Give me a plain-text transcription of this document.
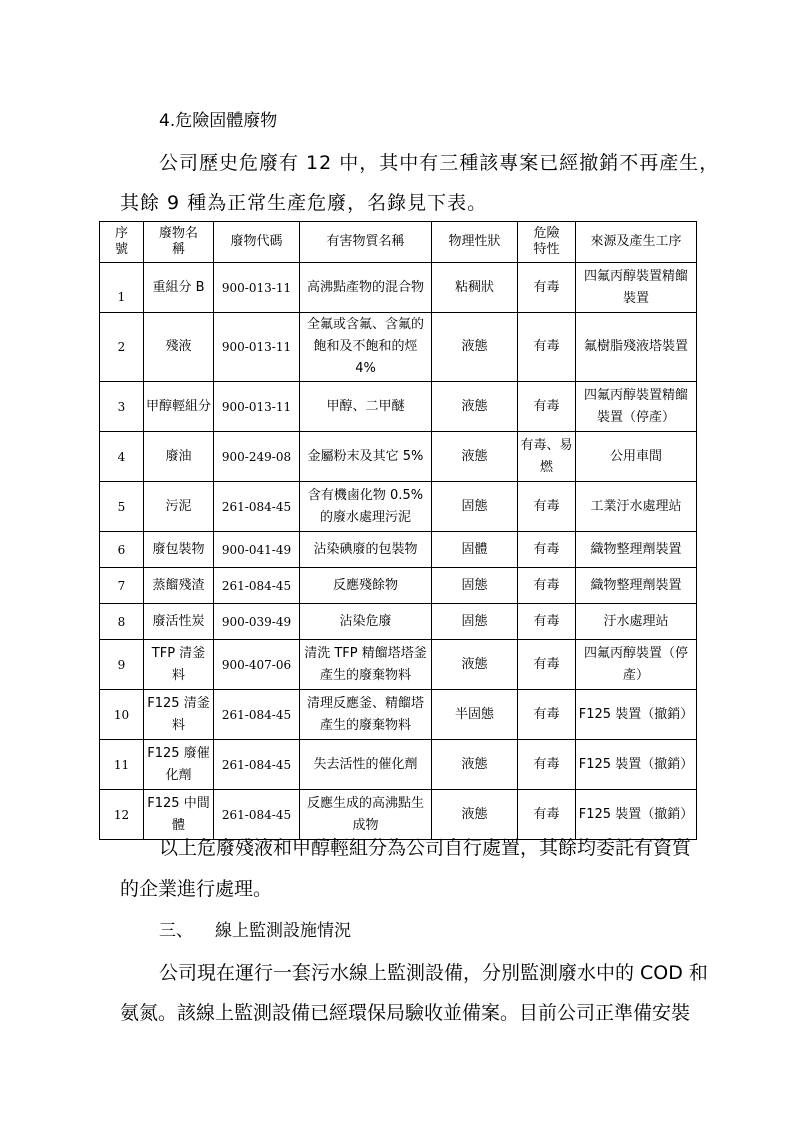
4.危險固體廢物
公司歷史危廢有 12 中，其中有三種該專案已經撤銷不再產生，
其餘 9 種為正常生產危廢，名錄見下表。
序號	廢物名稱	廢物代碼	有害物質名稱	物理性狀	危險特性	來源及產生工序
1	重組分 B	900-013-11	高沸點產物的混合物	粘稠狀	有毒	四氟丙醇裝置精餾裝置
2	殘液	900-013-11	全氟或含氟、含氟的飽和及不飽和的烴 4%	液態	有毒	氟樹脂殘液塔裝置
3	甲醇輕組分	900-013-11	甲醇、二甲醚	液態	有毒	四氟丙醇裝置精餾裝置（停產）
4	廢油	900-249-08	金屬粉末及其它 5%	液態	有毒、易燃	公用車間
5	污泥	261-084-45	含有機鹵化物 0.5%的廢水處理污泥	固態	有毒	工業汙水處理站
6	廢包裝物	900-041-49	沾染碘廢的包裝物	固體	有毒	織物整理劑裝置
7	蒸餾殘渣	261-084-45	反應殘餘物	固態	有毒	織物整理劑裝置
8	廢活性炭	900-039-49	沾染危廢	固態	有毒	汙水處理站
9	TFP 清釜料	900-407-06	清洗 TFP 精餾塔塔釜產生的廢棄物料	液態	有毒	四氟丙醇裝置（停產）
10	F125 清釜料	261-084-45	清理反應釜、精餾塔產生的廢棄物料	半固態	有毒	F125 裝置（撤銷）
11	F125 廢催化劑	261-084-45	失去活性的催化劑	液態	有毒	F125 裝置（撤銷）
12	F125 中間體	261-084-45	反應生成的高沸點生成物	液態	有毒	F125 裝置（撤銷）
以上危廢殘液和甲醇輕組分為公司自行處置，其餘均委託有資質
的企業進行處理。
三、 線上監測設施情況
公司現在運行一套污水線上監測設備，分別監測廢水中的 COD 和
氨氮。該線上監測設備已經環保局驗收並備案。目前公司正準備安裝
